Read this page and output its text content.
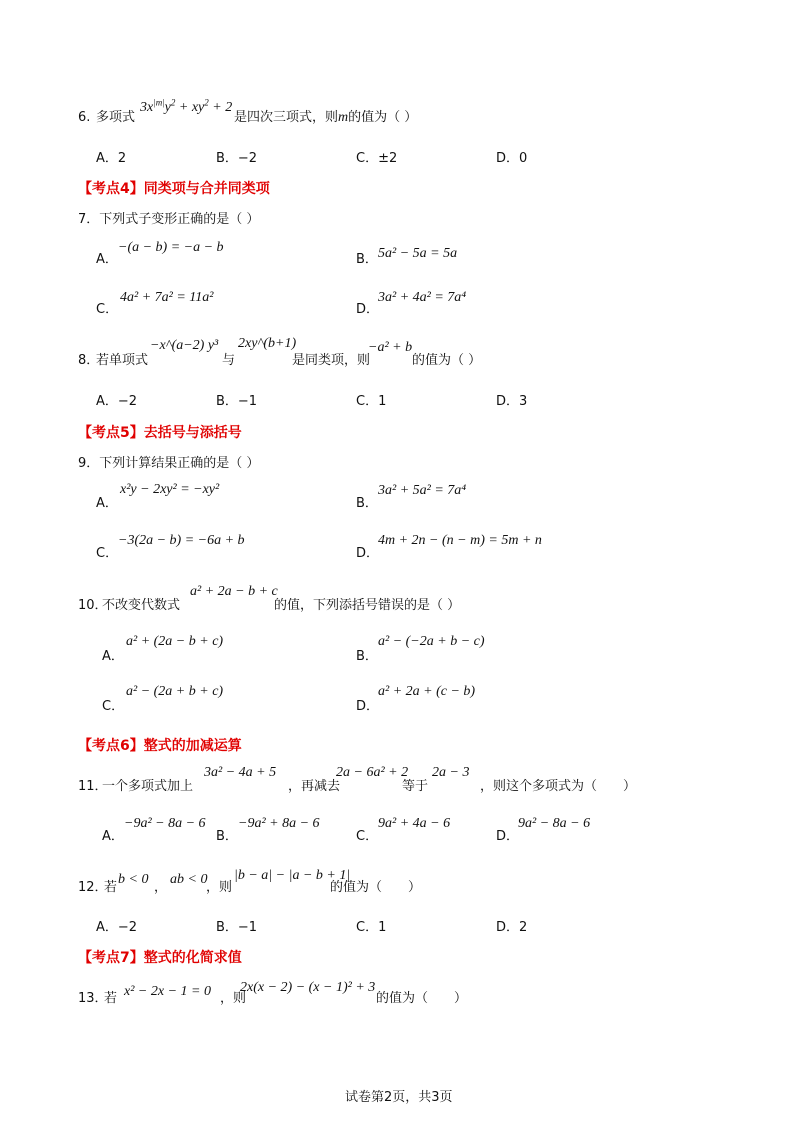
6. 多项式
$3x^{|m|}y^2 + xy^2 + 2$
是四次三项式，则m的值为（ ）
A．2	B．−2	C．±2	D．0
【考点4】同类项与合并同类项
7．下列式子变形正确的是（ ）
A．
−(a − b) = −a − b
B． 5a² − 5a = 5a
C．
4a² + 7a² = 11a²
D．
3a² + 4a² = 7a⁴
8．
若单项式
−x^(a−2) y³
与
2xy^(b+1)
是同类项，则
−a² + b
的值为（ ）
A．−2	B．−1	C．1	D．3
【考点5】去括号与添括号
9．下列计算结果正确的是（ ）
A．
x²y − 2xy² = −xy²
B．
3a² + 5a² = 7a⁴
C．
−3(2a − b) = −6a + b
D．
4m + 2n − (n − m) = 5m + n
10．
不改变代数式
a² + 2a − b + c
的值，下列添括号错误的是（ ）
A．
a² + (2a − b + c)
B．
a² − (−2a + b − c)
C．
a² − (2a + b + c)
D．
a² + 2a + (c − b)
【考点6】整式的加减运算
11．
一个多项式加上
3a² − 4a + 5
，再减去
2a − 6a² + 2
等于
2a − 3
，则这个多项式为（　　）
A．
−9a² − 8a − 6
B．
−9a² + 8a − 6
C．
9a² + 4a − 6
D．
9a² − 8a − 6
12．
若
b < 0
，
ab < 0
，则
|b − a| − |a − b + 1|
的值为（　　）
A．−2	B．−1	C．1	D．2
【考点7】整式的化简求值
13．
若 x² − 2x − 1 = 0 ，则
2x(x − 2) − (x − 1)² + 3
的值为（　　）
试卷第2页，共3页
